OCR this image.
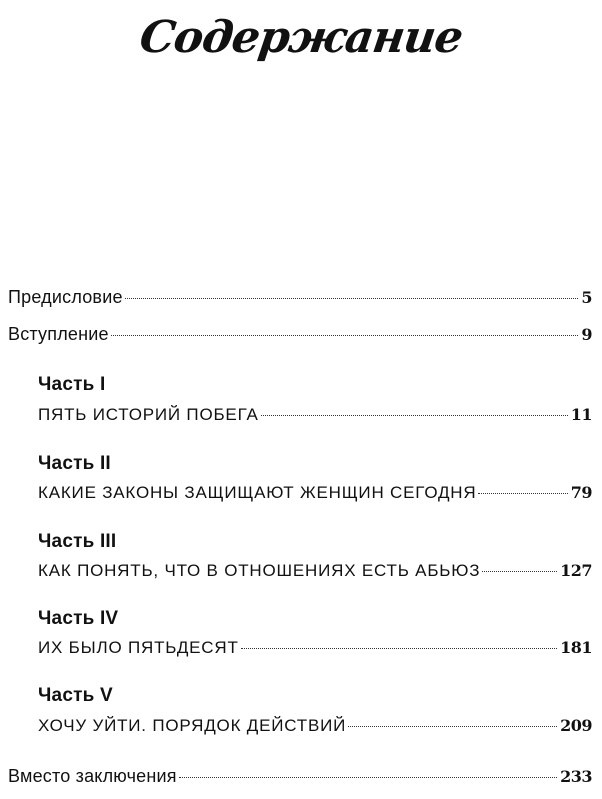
Содержание
Предисловие	5
Вступление	9
Часть I
ПЯТЬ ИСТОРИЙ ПОБЕГА	11
Часть II
КАКИЕ ЗАКОНЫ ЗАЩИЩАЮТ ЖЕНЩИН СЕГОДНЯ	79
Часть III
КАК ПОНЯТЬ, ЧТО В ОТНОШЕНИЯХ ЕСТЬ АБЬЮЗ	127
Часть IV
ИХ БЫЛО ПЯТЬДЕСЯТ	181
Часть V
ХОЧУ УЙТИ. ПОРЯДОК ДЕЙСТВИЙ	209
Вместо заключения	233
